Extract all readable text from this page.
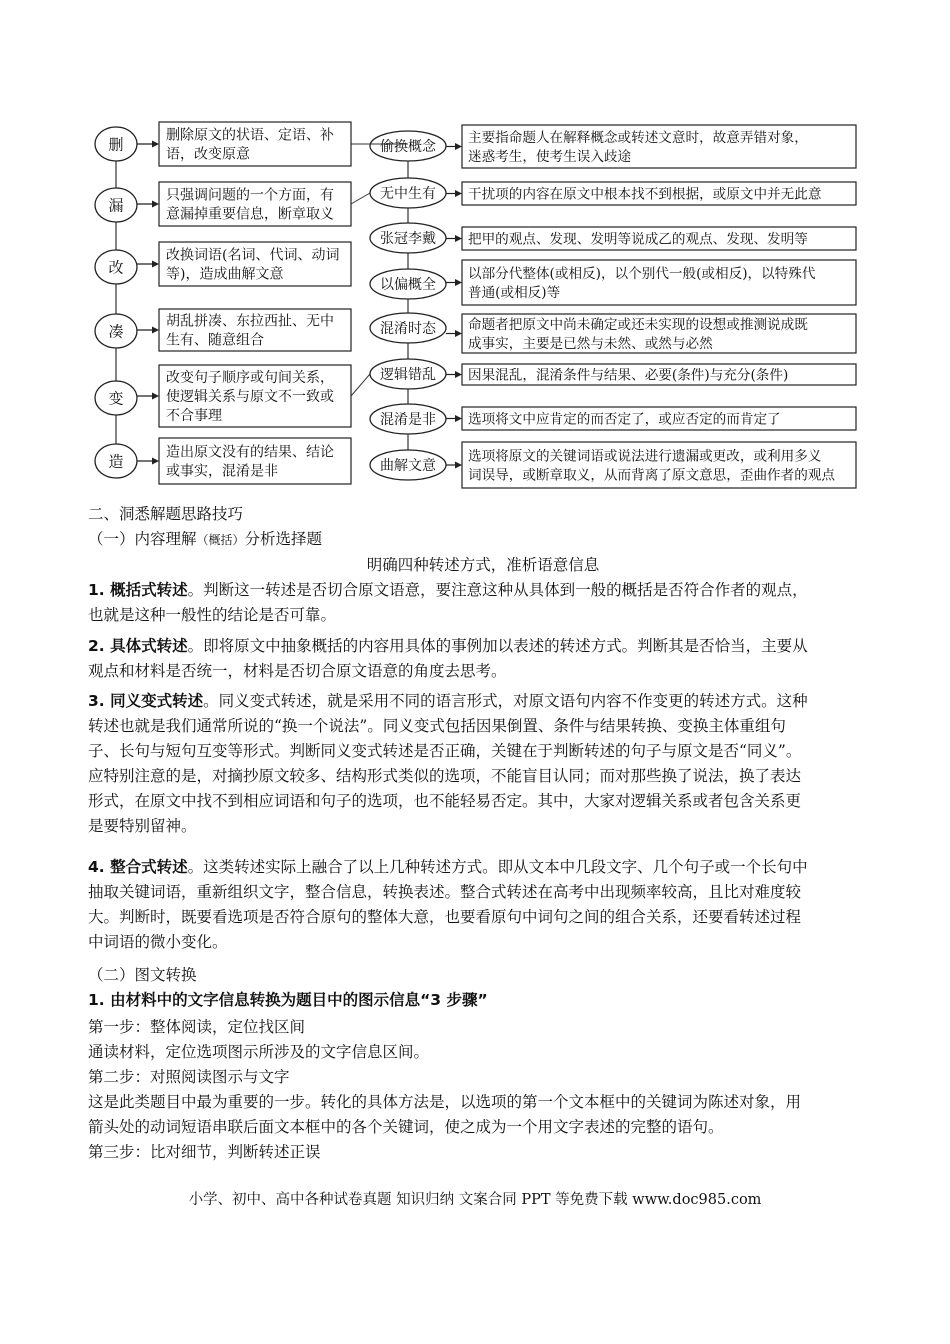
删	删除原文的状语、定语、补
语，改变原意
漏
只强调问题的一个方面，有
意漏掉重要信息，断章取义
改
改换词语(名词、代词、动词
等)，造成曲解文意
凑
胡乱拼凑、东拉西扯、无中
生有、随意组合
变
改变句子顺序或句间关系，
使逻辑关系与原文不一致或
不合事理
造	造出原文没有的结果、结论
或事实，混淆是非
偷换概念
主要指命题人在解释概念或转述文意时，故意弄错对象，
迷惑考生，使考生误入歧途
无中生有 干扰项的内容在原文中根本找不到根据，或原文中并无此意
张冠李戴 把甲的观点、发现、发明等说成乙的观点、发现、发明等
以偏概全
以部分代整体(或相反)，以个别代一般(或相反)，以特殊代
普通(或相反)等
混淆时态 命题者把原文中尚未确定或还未实现的设想或推测说成既
成事实，主要是已然与未然、或然与必然
逻辑错乱 因果混乱，混淆条件与结果、必要(条件)与充分(条件)
混淆是非 选项将文中应肯定的而否定了，或应否定的而肯定了
曲解文意
选项将原文的关键词语或说法进行遗漏或更改，或利用多义
词误导，或断章取义，从而背离了原文意思，歪曲作者的观点
二、洞悉解题思路技巧
（一）内容理解（概括）分析选择题
明确四种转述方式，准析语意信息
1. 概括式转述。判断这一转述是否切合原文语意，要注意这种从具体到一般的概括是否符合作者的观点，
也就是这种一般性的结论是否可靠。
2. 具体式转述。即将原文中抽象概括的内容用具体的事例加以表述的转述方式。判断其是否恰当，主要从
观点和材料是否统一，材料是否切合原文语意的角度去思考。
3. 同义变式转述。同义变式转述，就是采用不同的语言形式，对原文语句内容不作变更的转述方式。这种
转述也就是我们通常所说的“换一个说法”。同义变式包括因果倒置、条件与结果转换、变换主体重组句
子、长句与短句互变等形式。判断同义变式转述是否正确，关键在于判断转述的句子与原文是否“同义”。
应特别注意的是，对摘抄原文较多、结构形式类似的选项，不能盲目认同；而对那些换了说法，换了表达
形式，在原文中找不到相应词语和句子的选项，也不能轻易否定。其中，大家对逻辑关系或者包含关系更
是要特别留神。
4. 整合式转述。这类转述实际上融合了以上几种转述方式。即从文本中几段文字、几个句子或一个长句中
抽取关键词语，重新组织文字，整合信息，转换表述。整合式转述在高考中出现频率较高，且比对难度较
大。判断时，既要看选项是否符合原句的整体大意，也要看原句中词句之间的组合关系，还要看转述过程
中词语的微小变化。
（二）图文转换
1. 由材料中的文字信息转换为题目中的图示信息“3 步骤”
第一步：整体阅读，定位找区间
通读材料，定位选项图示所涉及的文字信息区间。
第二步：对照阅读图示与文字
这是此类题目中最为重要的一步。转化的具体方法是，以选项的第一个文本框中的关键词为陈述对象，用
箭头处的动词短语串联后面文本框中的各个关键词，使之成为一个用文字表述的完整的语句。
第三步：比对细节，判断转述正误
小学、初中、高中各种试卷真题 知识归纳 文案合同 PPT 等免费下载 www.doc985.com
